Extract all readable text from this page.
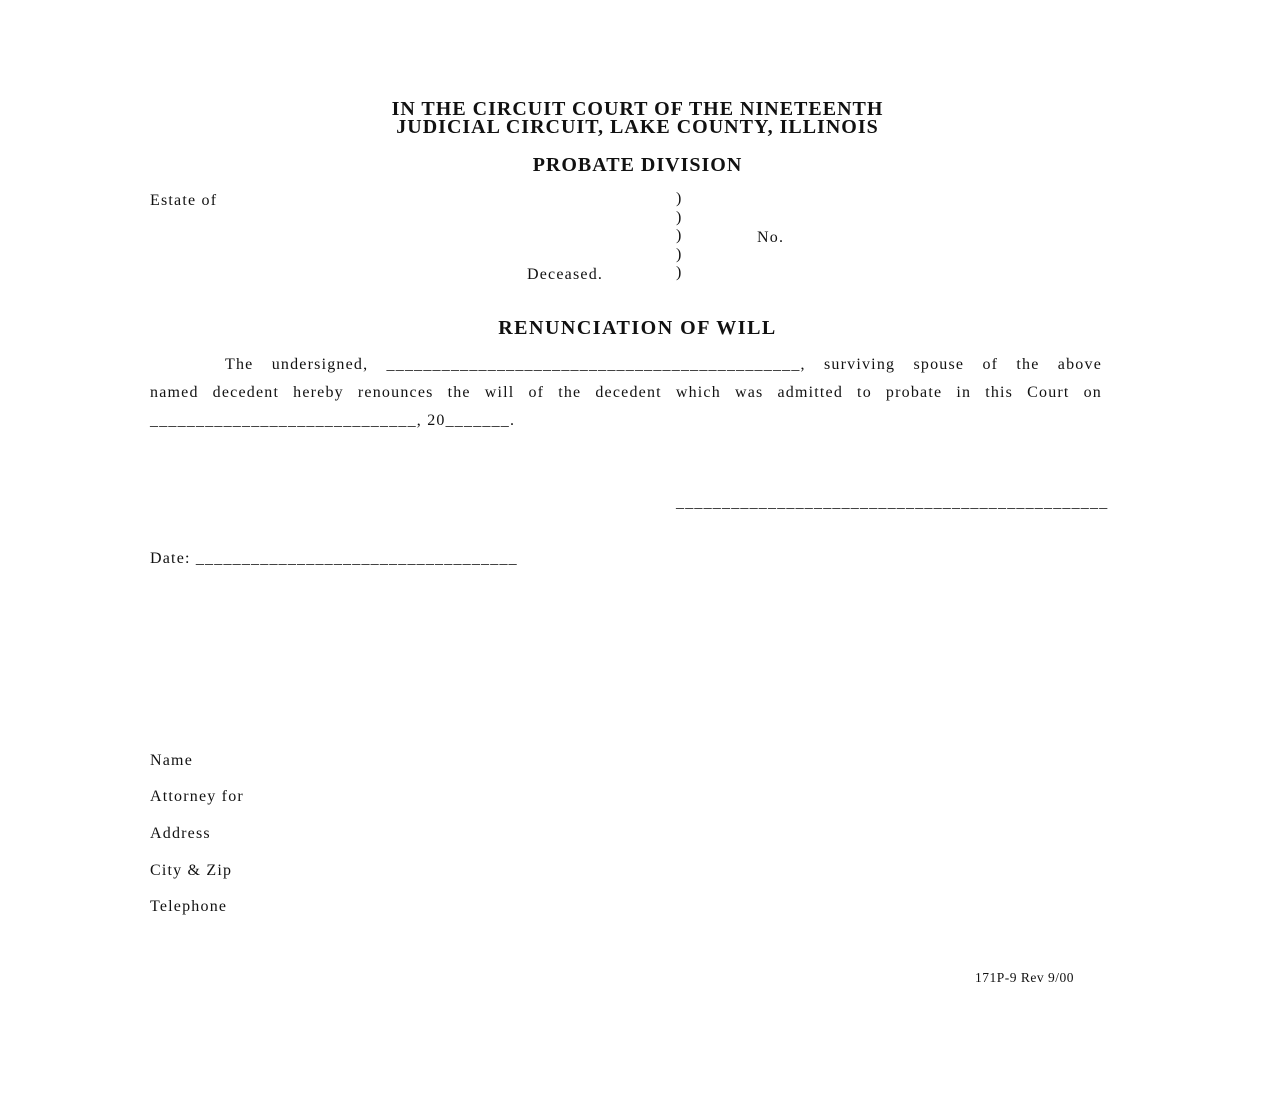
IN THE CIRCUIT COURT OF THE NINETEENTH
JUDICIAL CIRCUIT, LAKE COUNTY, ILLINOIS
PROBATE DIVISION
Estate of	)
)
)
)
)
No.
Deceased.
RENUNCIATION OF WILL
The undersigned, _____________________________________________, surviving spouse of the above
named decedent hereby renounces the will of the decedent which was admitted to probate in this Court on
_____________________________, 20_______.
_______________________________________________
Date: ___________________________________
Name
Attorney for
Address
City & Zip
Telephone
171P-9 Rev 9/00
